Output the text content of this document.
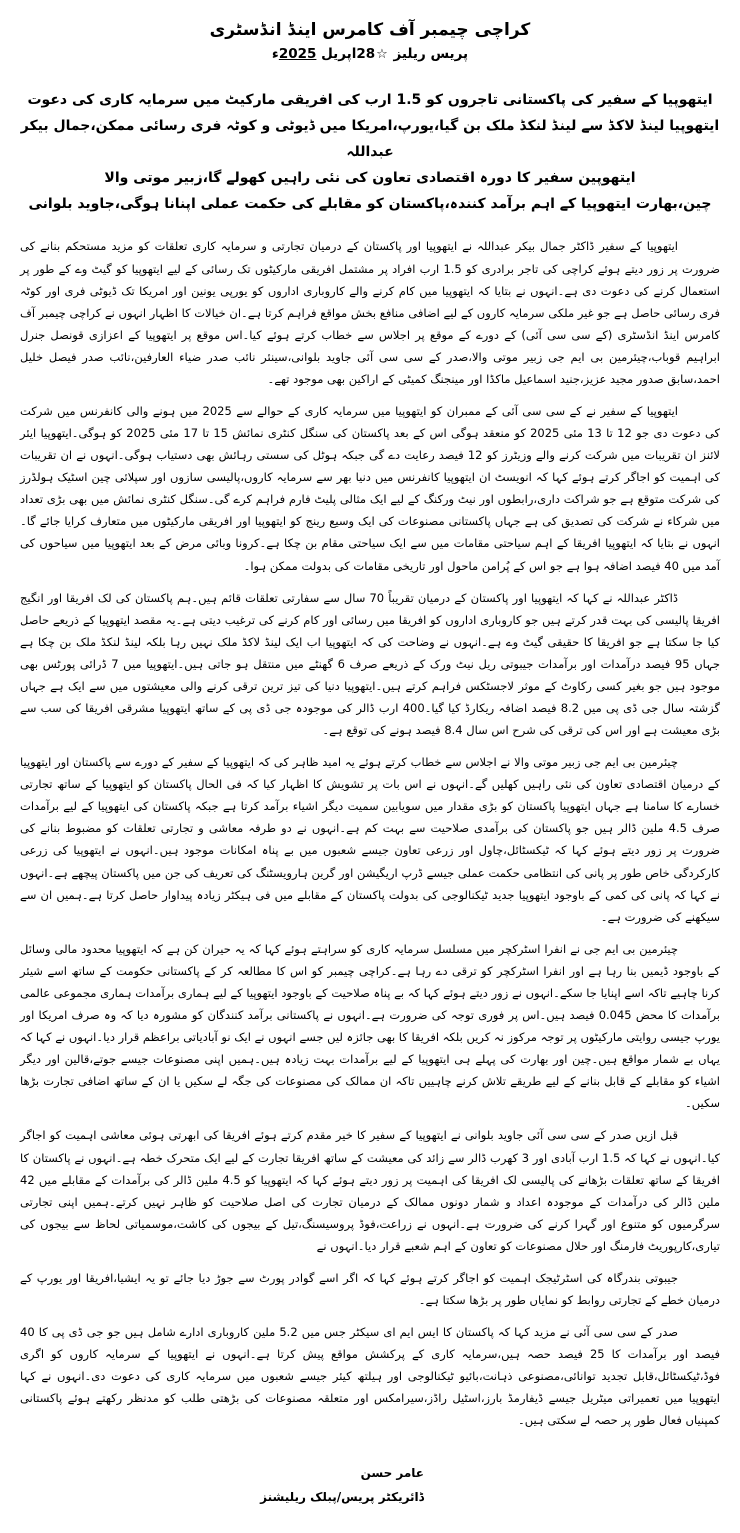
کراچی چیمبر آف کامرس اینڈ انڈسٹری
پریس ریلیز ☆28اپریل 2025ء
ایتھوپیا کے سفیر کی پاکستانی تاجروں کو 1.5 ارب کی افریقی مارکیٹ میں سرمایہ کاری کی دعوت
ایتھوپیا لینڈ لاکڈ سے لینڈ لنکڈ ملک بن گیا،یورپ،امریکا میں ڈیوٹی و کوٹہ فری رسائی ممکن،جمال بیکر عبداللہ
ایتھوپین سفیر کا دورہ اقتصادی تعاون کی نئی راہیں کھولے گا،زبیر موتی والا
چین،بھارت ایتھوپیا کے اہم برآمد کنندہ،پاکستان کو مقابلے کی حکمت عملی اپنانا ہوگی،جاوید بلوانی

ایتھوپیا کے سفیر ڈاکٹر جمال بیکر عبداللہ نے ایتھوپیا اور پاکستان کے درمیان تجارتی و سرمایہ کاری تعلقات کو مزید مستحکم بنانے کی ضرورت پر زور دیتے ہوئے کراچی کی تاجر برادری کو 1.5 ارب افراد پر مشتمل افریقی مارکیٹوں تک رسائی کے لیے ایتھوپیا کو گیٹ وے کے طور پر استعمال کرنے کی دعوت دی ہے۔انہوں نے بتایا کہ ایتھوپیا میں کام کرنے والے کاروباری اداروں کو یورپی یونین اور امریکا تک ڈیوٹی فری اور کوٹہ فری رسائی حاصل ہے جو غیر ملکی سرمایہ کاروں کے لیے اضافی منافع بخش مواقع فراہم کرتا ہے۔ان خیالات کا اظہار انہوں نے کراچی چیمبر آف کامرس اینڈ انڈسٹری (کے سی سی آئی) کے دورے کے موقع پر اجلاس سے خطاب کرتے ہوئے کیا۔اس موقع پر ایتھوپیا کے اعزازی قونصل جنرل ابراہیم قوباب،چیئرمین بی ایم جی زبیر موتی والا،صدر کے سی سی آئی جاوید بلوانی،سینئر نائب صدر ضیاء العارفین،نائب صدر فیصل خلیل احمد،سابق صدور مجید عزیز،جنید اسماعیل ماکڈا اور مینجنگ کمیٹی کے اراکین بھی موجود تھے۔

ایتھوپیا کے سفیر نے کے سی سی آئی کے ممبران کو ایتھوپیا میں سرمایہ کاری کے حوالے سے 2025 میں ہونے والی کانفرنس میں شرکت کی دعوت دی جو 12 تا 13 مئی 2025 کو منعقد ہوگی اس کے بعد پاکستان کی سنگل کنٹری نمائش 15 تا 17 مئی 2025 کو ہوگی۔ایتھوپیا ایئر لائنز ان تقریبات میں شرکت کرنے والے وزیٹرز کو 12 فیصد رعایت دے گی جبکہ ہوٹل کی سستی رہائش بھی دستیاب ہوگی۔انہوں نے ان تقریبات کی اہمیت کو اجاگر کرتے ہوئے کہا کہ انویسٹ ان ایتھوپیا کانفرنس میں دنیا بھر سے سرمایہ کاروں،پالیسی سازوں اور سپلائی چین اسٹیک ہولڈرز کی شرکت متوقع ہے جو شراکت داری،رابطوں اور نیٹ ورکنگ کے لیے ایک مثالی پلیٹ فارم فراہم کرے گی۔سنگل کنٹری نمائش میں بھی بڑی تعداد میں شرکاء نے شرکت کی تصدیق کی ہے جہاں پاکستانی مصنوعات کی ایک وسیع رینج کو ایتھوپیا اور افریقی مارکیٹوں میں متعارف کرایا جائے گا۔انہوں نے بتایا کہ ایتھوپیا افریقا کے اہم سیاحتی مقامات میں سے ایک سیاحتی مقام بن چکا ہے۔کرونا وبائی مرض کے بعد ایتھوپیا میں سیاحوں کی آمد میں 40 فیصد اضافہ ہوا ہے جو اس کے پُرامن ماحول اور تاریخی مقامات کی بدولت ممکن ہوا۔

ڈاکٹر عبداللہ نے کہا کہ ایتھوپیا اور پاکستان کے درمیان تقریباً 70 سال سے سفارتی تعلقات قائم ہیں۔ہم پاکستان کی لک افریقا اور انگیج افریقا پالیسی کی بہت قدر کرتے ہیں جو کاروباری اداروں کو افریقا میں رسائی اور کام کرنے کی ترغیب دیتی ہے۔یہ مقصد ایتھوپیا کے ذریعے حاصل کیا جا سکتا ہے جو افریقا کا حقیقی گیٹ وے ہے۔انہوں نے وضاحت کی کہ ایتھوپیا اب ایک لینڈ لاکڈ ملک نہیں رہا بلکہ لینڈ لنکڈ ملک بن چکا ہے جہاں 95 فیصد درآمدات اور برآمدات جیبوتی ریل نیٹ ورک کے ذریعے صرف 6 گھنٹے میں منتقل ہو جاتی ہیں۔ایتھوپیا میں 7 ڈرائی پورٹس بھی موجود ہیں جو بغیر کسی رکاوٹ کے موثر لاجسٹکس فراہم کرتے ہیں۔ایتھوپیا دنیا کی تیز ترین ترقی کرنے والی معیشتوں میں سے ایک ہے جہاں گزشتہ سال جی ڈی پی میں 8.2 فیصد اضافہ ریکارڈ کیا گیا۔400 ارب ڈالر کی موجودہ جی ڈی پی کے ساتھ ایتھوپیا مشرقی افریقا کی سب سے بڑی معیشت ہے اور اس کی ترقی کی شرح اس سال 8.4 فیصد ہونے کی توقع ہے۔

چیئرمین بی ایم جی زبیر موتی والا نے اجلاس سے خطاب کرتے ہوئے یہ امید ظاہر کی کہ ایتھوپیا کے سفیر کے دورے سے پاکستان اور ایتھوپیا کے درمیان اقتصادی تعاون کی نئی راہیں کھلیں گے۔انہوں نے اس بات پر تشویش کا اظہار کیا کہ فی الحال پاکستان کو ایتھوپیا کے ساتھ تجارتی خسارے کا سامنا ہے جہاں ایتھوپیا پاکستان کو بڑی مقدار میں سویابین سمیت دیگر اشیاء برآمد کرتا ہے جبکہ پاکستان کی ایتھوپیا کے لیے برآمدات صرف 4.5 ملین ڈالر ہیں جو پاکستان کی برآمدی صلاحیت سے بہت کم ہے۔انہوں نے دو طرفہ معاشی و تجارتی تعلقات کو مضبوط بنانے کی ضرورت پر زور دیتے ہوئے کہا کہ ٹیکسٹائل،چاول اور زرعی تعاون جیسے شعبوں میں بے پناہ امکانات موجود ہیں۔انہوں نے ایتھوپیا کی زرعی کارکردگی خاص طور پر پانی کی انتظامی حکمت عملی جیسے ڈرپ اریگیشن اور گرین ہارویسٹنگ کی تعریف کی جن میں پاکستان پیچھے ہے۔انہوں نے کہا کہ پانی کی کمی کے باوجود ایتھوپیا جدید ٹیکنالوجی کی بدولت پاکستان کے مقابلے میں فی ہیکٹر زیادہ پیداوار حاصل کرتا ہے۔ہمیں ان سے سیکھنے کی ضرورت ہے۔

چیئرمین بی ایم جی نے انفرا اسٹرکچر میں مسلسل سرمایہ کاری کو سراہتے ہوئے کہا کہ یہ حیران کن ہے کہ ایتھوپیا محدود مالی وسائل کے باوجود ڈیمیں بنا رہا ہے اور انفرا اسٹرکچر کو ترقی دے رہا ہے۔کراچی چیمبر کو اس کا مطالعہ کر کے پاکستانی حکومت کے ساتھ اسے شیئر کرنا چاہیے تاکہ اسے اپنایا جا سکے۔انہوں نے زور دیتے ہوئے کہا کہ بے پناہ صلاحیت کے باوجود ایتھوپیا کے لیے ہماری برآمدات ہماری مجموعی عالمی برآمدات کا محض 0.045 فیصد ہیں۔اس پر فوری توجہ کی ضرورت ہے۔انہوں نے پاکستانی برآمد کنندگان کو مشورہ دیا کہ وہ صرف امریکا اور یورپ جیسی روایتی مارکیٹوں پر توجہ مرکوز نہ کریں بلکہ افریقا کا بھی جائزہ لیں جسے انہوں نے ایک نو آبادیاتی براعظم قرار دیا۔انہوں نے کہا کہ یہاں بے شمار مواقع ہیں۔چین اور بھارت کی پہلے ہی ایتھوپیا کے لیے برآمدات بہت زیادہ ہیں۔ہمیں اپنی مصنوعات جیسے جوتے،قالین اور دیگر اشیاء کو مقابلے کے قابل بنانے کے لیے طریقے تلاش کرنے چاہییں تاکہ ان ممالک کی مصنوعات کی جگہ لے سکیں یا ان کے ساتھ اضافی تجارت بڑھا سکیں۔

قبل ازیں صدر کے سی سی آئی جاوید بلوانی نے ایتھوپیا کے سفیر کا خیر مقدم کرتے ہوئے افریقا کی ابھرتی ہوئی معاشی اہمیت کو اجاگر کیا۔انہوں نے کہا کہ 1.5 ارب آبادی اور 3 کھرب ڈالر سے زائد کی معیشت کے ساتھ افریقا تجارت کے لیے ایک متحرک خطہ ہے۔انہوں نے پاکستان کا افریقا کے ساتھ تعلقات بڑھانے کی پالیسی لک افریقا کی اہمیت پر زور دیتے ہوئے کہا کہ ایتھوپیا کو 4.5 ملین ڈالر کی برآمدات کے مقابلے میں 42 ملین ڈالر کی درآمدات کے موجودہ اعداد و شمار دونوں ممالک کے درمیان تجارت کی اصل صلاحیت کو ظاہر نہیں کرتے۔ہمیں اپنی تجارتی سرگرمیوں کو متنوع اور گہرا کرنے کی ضرورت ہے۔انہوں نے زراعت،فوڈ پروسیسنگ،تیل کے بیجوں کی کاشت،موسمیاتی لحاظ سے بیجوں کی تیاری،کارپوریٹ فارمنگ اور حلال مصنوعات کو تعاون کے اہم شعبے قرار دیا۔انہوں نے

جیبوتی بندرگاہ کی اسٹرٹیجک اہمیت کو اجاگر کرتے ہوئے کہا کہ اگر اسے گوادر پورٹ سے جوڑ دیا جائے تو یہ ایشیا،افریقا اور یورپ کے درمیان خطے کے تجارتی روابط کو نمایاں طور پر بڑھا سکتا ہے۔

صدر کے سی سی آئی نے مزید کہا کہ پاکستان کا ایس ایم ای سیکٹر جس میں 5.2 ملین کاروباری ادارے شامل ہیں جو جی ڈی پی کا 40 فیصد اور برآمدات کا 25 فیصد حصہ ہیں،سرمایہ کاری کے پرکشش مواقع پیش کرتا ہے۔انہوں نے ایتھوپیا کے سرمایہ کاروں کو اگری فوڈ،ٹیکسٹائل،قابل تجدید توانائی،مصنوعی ذہانت،بائیو ٹیکنالوجی اور ہیلتھ کیئر جیسے شعبوں میں سرمایہ کاری کی دعوت دی۔انہوں نے کہا ایتھوپیا میں تعمیراتی میٹریل جیسے ڈیفارمڈ بارز،اسٹیل راڈز،سیرامکس اور متعلقہ مصنوعات کی بڑھتی طلب کو مدنظر رکھتے ہوئے پاکستانی کمپنیاں فعال طور پر حصہ لے سکتی ہیں۔

عامر حسن
ڈائریکٹر پریس/پبلک ریلیشنز
